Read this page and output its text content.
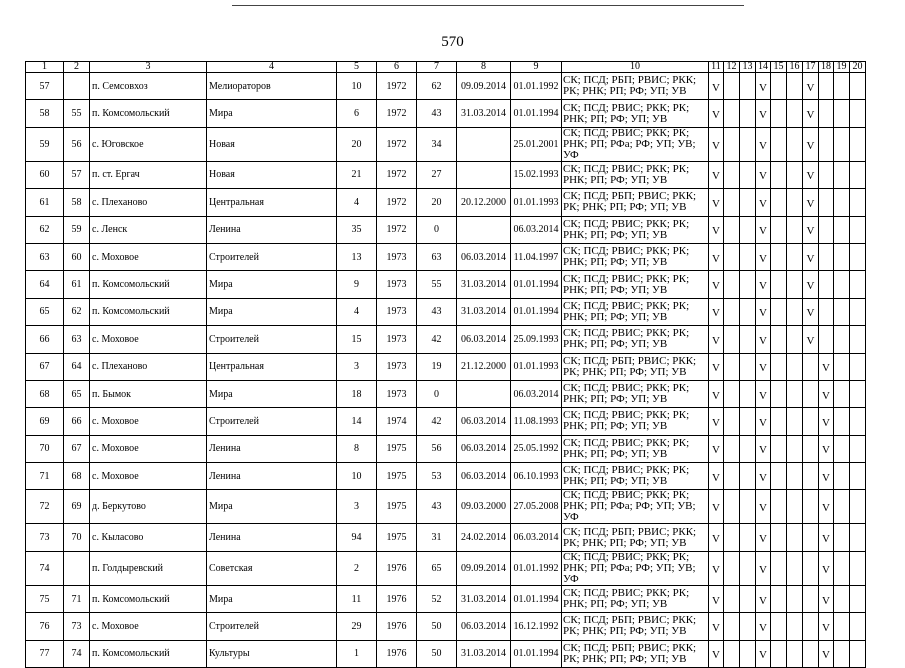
570
1	2	3	4	5	6	7	8	9	10	11	12	13	14	15	16	17	18	19	20
57		п. Семсовхоз	Мелиораторов	10	1972	62	09.09.2014	01.01.1992	СК; ПСД; РБП; РВИС; РКК; РК; РНК; РП; РФ; УП; УВ	V			V			V			
58	55	п. Комсомольский	Мира	6	1972	43	31.03.2014	01.01.1994	СК; ПСД; РВИС; РКК; РК; РНК; РП; РФ; УП; УВ	V			V			V			
59	56	с. Юговское	Новая	20	1972	34		25.01.2001	СК; ПСД; РВИС; РКК; РК; РНК; РП; РФа; РФ; УП; УВ; УФ	V			V			V			
60	57	п. ст. Ергач	Новая	21	1972	27		15.02.1993	СК; ПСД; РВИС; РКК; РК; РНК; РП; РФ; УП; УВ	V			V			V			
61	58	с. Плеханово	Центральная	4	1972	20	20.12.2000	01.01.1993	СК; ПСД; РБП; РВИС; РКК; РК; РНК; РП; РФ; УП; УВ	V			V			V			
62	59	с. Ленск	Ленина	35	1972	0		06.03.2014	СК; ПСД; РВИС; РКК; РК; РНК; РП; РФ; УП; УВ	V			V			V			
63	60	с. Моховое	Строителей	13	1973	63	06.03.2014	11.04.1997	СК; ПСД; РВИС; РКК; РК; РНК; РП; РФ; УП; УВ	V			V			V			
64	61	п. Комсомольский	Мира	9	1973	55	31.03.2014	01.01.1994	СК; ПСД; РВИС; РКК; РК; РНК; РП; РФ; УП; УВ	V			V			V			
65	62	п. Комсомольский	Мира	4	1973	43	31.03.2014	01.01.1994	СК; ПСД; РВИС; РКК; РК; РНК; РП; РФ; УП; УВ	V			V			V			
66	63	с. Моховое	Строителей	15	1973	42	06.03.2014	25.09.1993	СК; ПСД; РВИС; РКК; РК; РНК; РП; РФ; УП; УВ	V			V			V			
67	64	с. Плеханово	Центральная	3	1973	19	21.12.2000	01.01.1993	СК; ПСД; РБП; РВИС; РКК; РК; РНК; РП; РФ; УП; УВ	V			V				V		
68	65	п. Бымок	Мира	18	1973	0		06.03.2014	СК; ПСД; РВИС; РКК; РК; РНК; РП; РФ; УП; УВ	V			V				V		
69	66	с. Моховое	Строителей	14	1974	42	06.03.2014	11.08.1993	СК; ПСД; РВИС; РКК; РК; РНК; РП; РФ; УП; УВ	V			V				V		
70	67	с. Моховое	Ленина	8	1975	56	06.03.2014	25.05.1992	СК; ПСД; РВИС; РКК; РК; РНК; РП; РФ; УП; УВ	V			V				V		
71	68	с. Моховое	Ленина	10	1975	53	06.03.2014	06.10.1993	СК; ПСД; РВИС; РКК; РК; РНК; РП; РФ; УП; УВ	V			V				V		
72	69	д. Беркутово	Мира	3	1975	43	09.03.2000	27.05.2008	СК; ПСД; РВИС; РКК; РК; РНК; РП; РФа; РФ; УП; УВ; УФ	V			V				V		
73	70	с. Кыласово	Ленина	94	1975	31	24.02.2014	06.03.2014	СК; ПСД; РБП; РВИС; РКК; РК; РНК; РП; РФ; УП; УВ	V			V				V		
74		п. Голдыревский	Советская	2	1976	65	09.09.2014	01.01.1992	СК; ПСД; РВИС; РКК; РК; РНК; РП; РФа; РФ; УП; УВ; УФ	V			V				V		
75	71	п. Комсомольский	Мира	11	1976	52	31.03.2014	01.01.1994	СК; ПСД; РВИС; РКК; РК; РНК; РП; РФ; УП; УВ	V			V				V		
76	73	с. Моховое	Строителей	29	1976	50	06.03.2014	16.12.1992	СК; ПСД; РБП; РВИС; РКК; РК; РНК; РП; РФ; УП; УВ	V			V				V		
77	74	п. Комсомольский	Культуры	1	1976	50	31.03.2014	01.01.1994	СК; ПСД; РБП; РВИС; РКК; РК; РНК; РП; РФ; УП; УВ	V			V				V		
